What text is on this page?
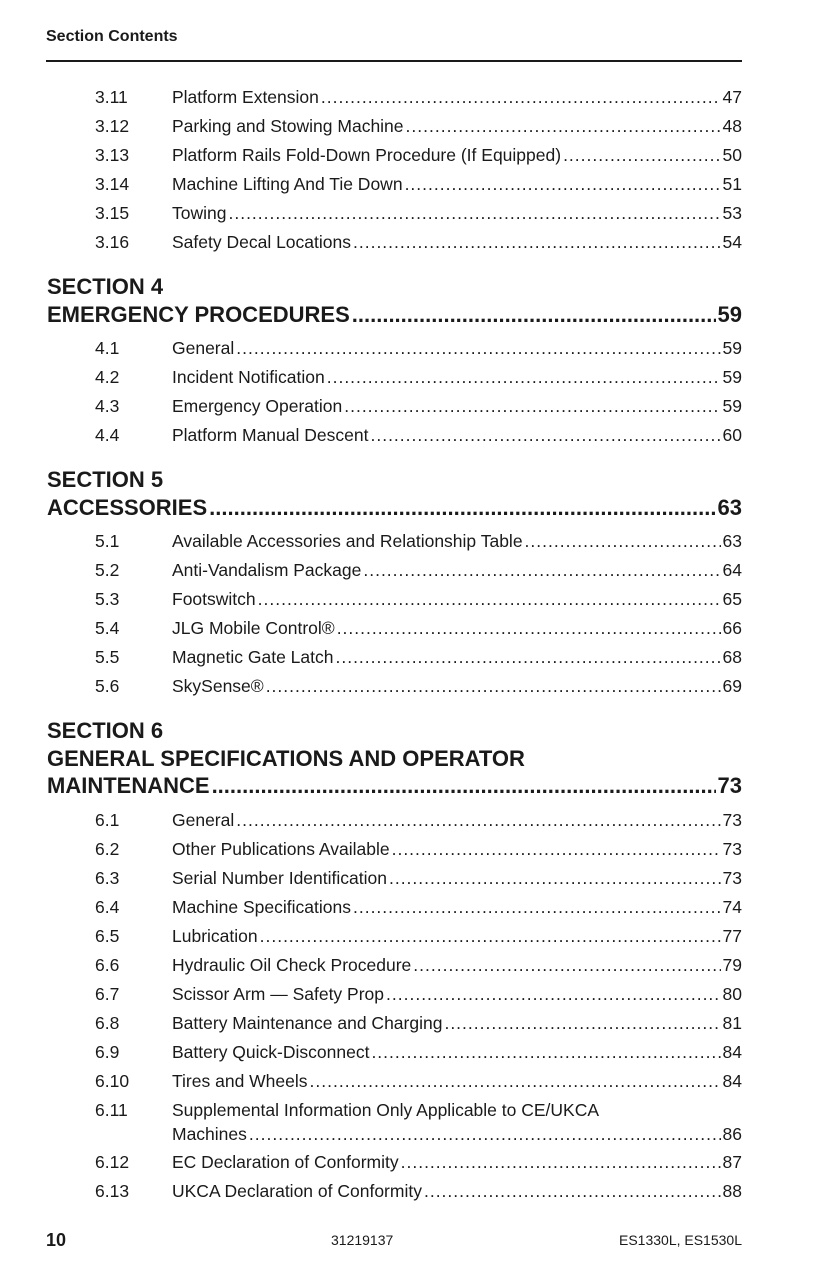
Section Contents
3.11	Platform Extension .....	47
3.12	Parking and Stowing Machine .....	48
3.13	Platform Rails Fold-Down Procedure (If Equipped) .....	50
3.14	Machine Lifting And Tie Down .....	51
3.15	Towing .....	53
3.16	Safety Decal Locations .....	54
SECTION 4
EMERGENCY PROCEDURES .....	59
4.1	General .....	59
4.2	Incident Notification .....	59
4.3	Emergency Operation .....	59
4.4	Platform Manual Descent .....	60
SECTION 5
ACCESSORIES .....	63
5.1	Available Accessories and Relationship Table .....	63
5.2	Anti-Vandalism Package .....	64
5.3	Footswitch .....	65
5.4	JLG Mobile Control® .....	66
5.5	Magnetic Gate Latch .....	68
5.6	SkySense® .....	69
SECTION 6
GENERAL SPECIFICATIONS AND OPERATOR
MAINTENANCE .....	73
6.1	General .....	73
6.2	Other Publications Available .....	73
6.3	Serial Number Identification .....	73
6.4	Machine Specifications .....	74
6.5	Lubrication .....	77
6.6	Hydraulic Oil Check Procedure .....	79
6.7	Scissor Arm — Safety Prop .....	80
6.8	Battery Maintenance and Charging .....	81
6.9	Battery Quick-Disconnect .....	84
6.10	Tires and Wheels .....	84
6.11	Supplemental Information Only Applicable to CE/UKCA
Machines .....	86
6.12	EC Declaration of Conformity .....	87
6.13	UKCA Declaration of Conformity .....	88
10	31219137	ES1330L, ES1530L
